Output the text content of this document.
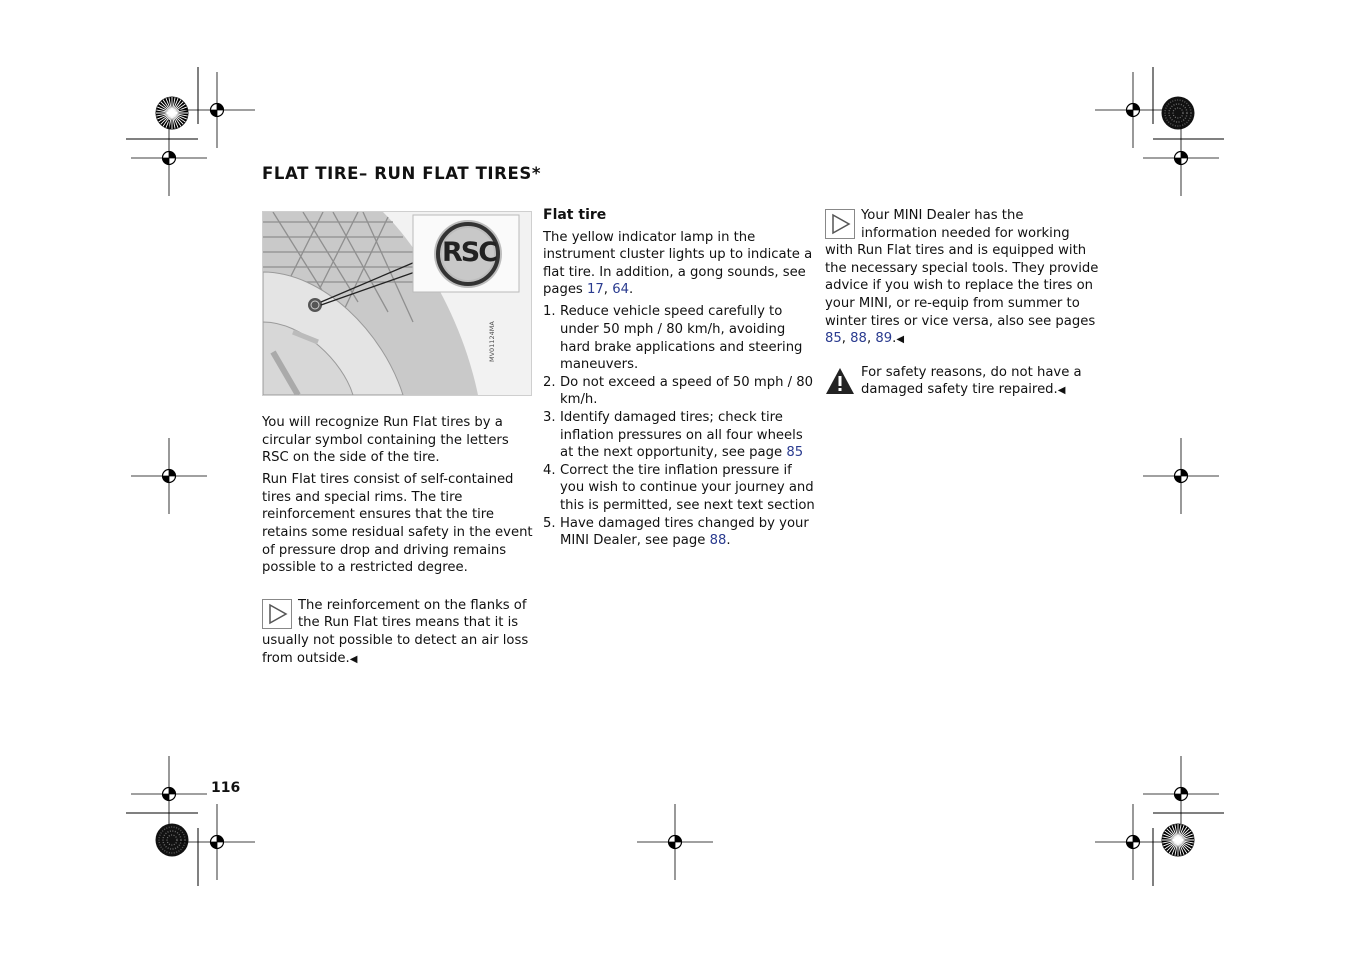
FLAT TIRE– RUN FLAT TIRES*
RSC
MV01124MA

You will recognize Run Flat tires by a circular symbol containing the letters RSC on the side of the tire.

Run Flat tires consist of self-contained tires and special rims. The tire reinforcement ensures that the tire retains some residual safety in the event of pressure drop and driving remains possible to a restricted degree.

The reinforcement on the flanks of the Run Flat tires means that it is usually not possible to detect an air loss from outside.◀

Flat tire

The yellow indicator lamp in the instrument cluster lights up to indicate a flat tire. In addition, a gong sounds, see pages 17, 64.

1. Reduce vehicle speed carefully to under 50 mph / 80 km/h, avoiding hard brake applications and steering maneuvers.
2. Do not exceed a speed of 50 mph / 80 km/h.
3. Identify damaged tires; check tire inflation pressures on all four wheels at the next opportunity, see page 85
4. Correct the tire inflation pressure if you wish to continue your journey and this is permitted, see next text section
5. Have damaged tires changed by your MINI Dealer, see page 88.

Your MINI Dealer has the information needed for working with Run Flat tires and is equipped with the necessary special tools. They provide advice if you wish to replace the tires on your MINI, or re-equip from summer to winter tires or vice versa, also see pages 85, 88, 89.◀

For safety reasons, do not have a damaged safety tire repaired.◀

116
